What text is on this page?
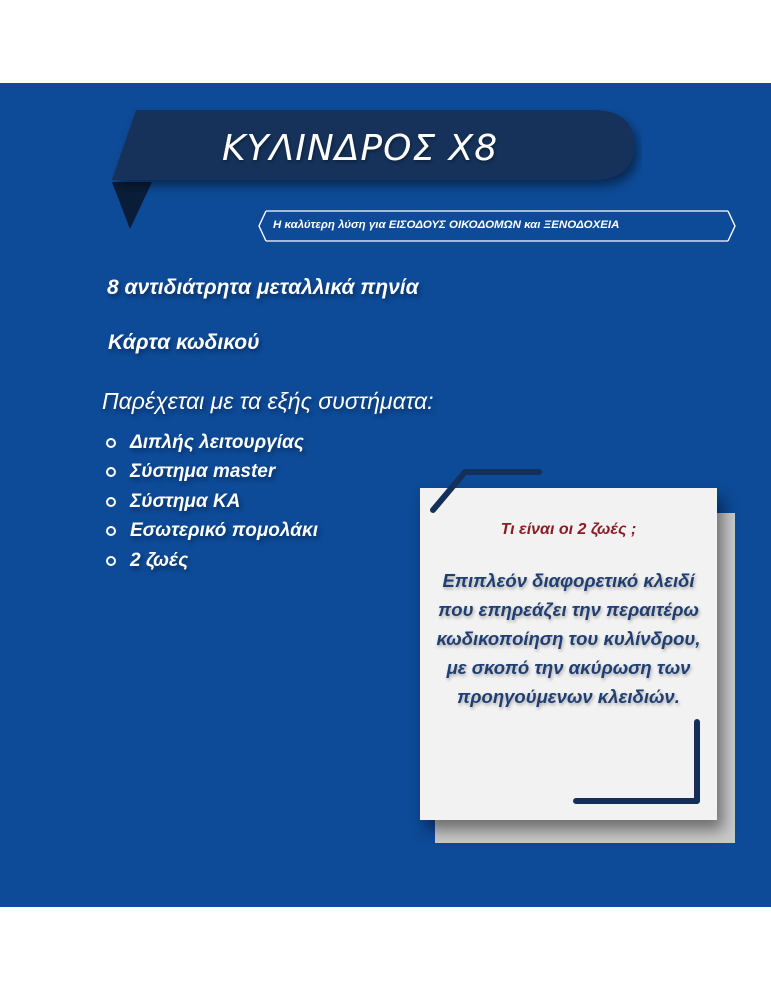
ΚΥΛΙΝΔΡΟΣ Χ8
Η καλύτερη λύση για ΕΙΣΟΔΟΥΣ ΟΙΚΟΔΟΜΩΝ και ΞΕΝΟΔΟΧΕΙΑ
8 αντιδιάτρητα μεταλλικά πηνία
Κάρτα κωδικού
Παρέχεται με τα εξής συστήματα:
Διπλής λειτουργίας
Σύστημα master
Σύστημα ΚΑ
Εσωτερικό πομολάκι
2 ζωές
Τι είναι οι 2 ζωές ;
Επιπλεόν διαφορετικό κλειδί που επηρεάζει την περαιτέρω κωδικοποίηση του κυλίνδρου, με σκοπό την ακύρωση των προηγούμενων κλειδιών.
